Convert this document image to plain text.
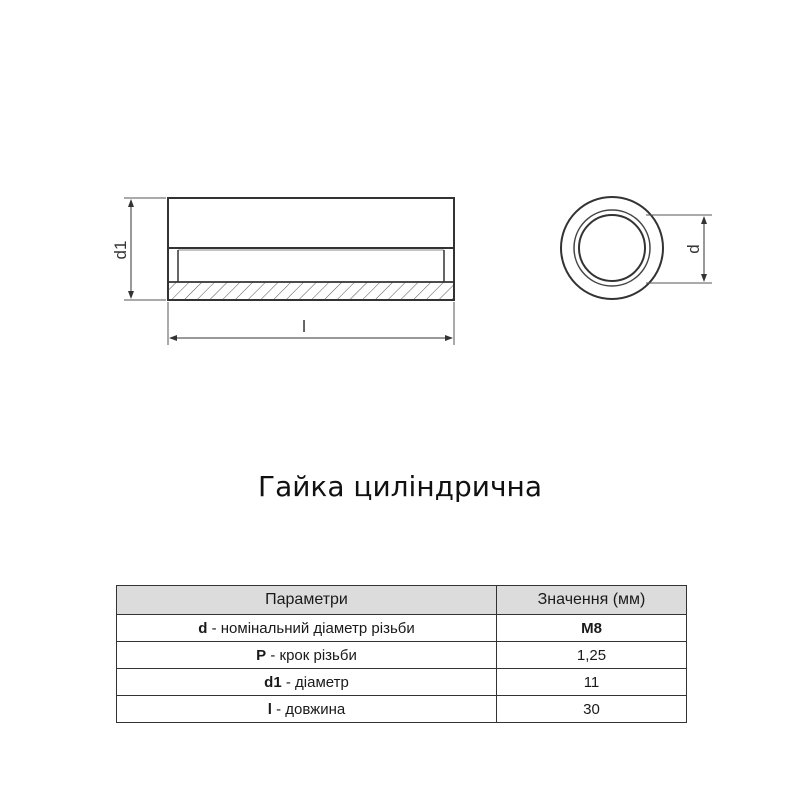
d1
l
d
Гайка циліндрична
Параметри	Значення (мм)
d - номінальний діаметр різьби	M8
P - крок різьби	1,25
d1 - діаметр	11
l - довжина	30
